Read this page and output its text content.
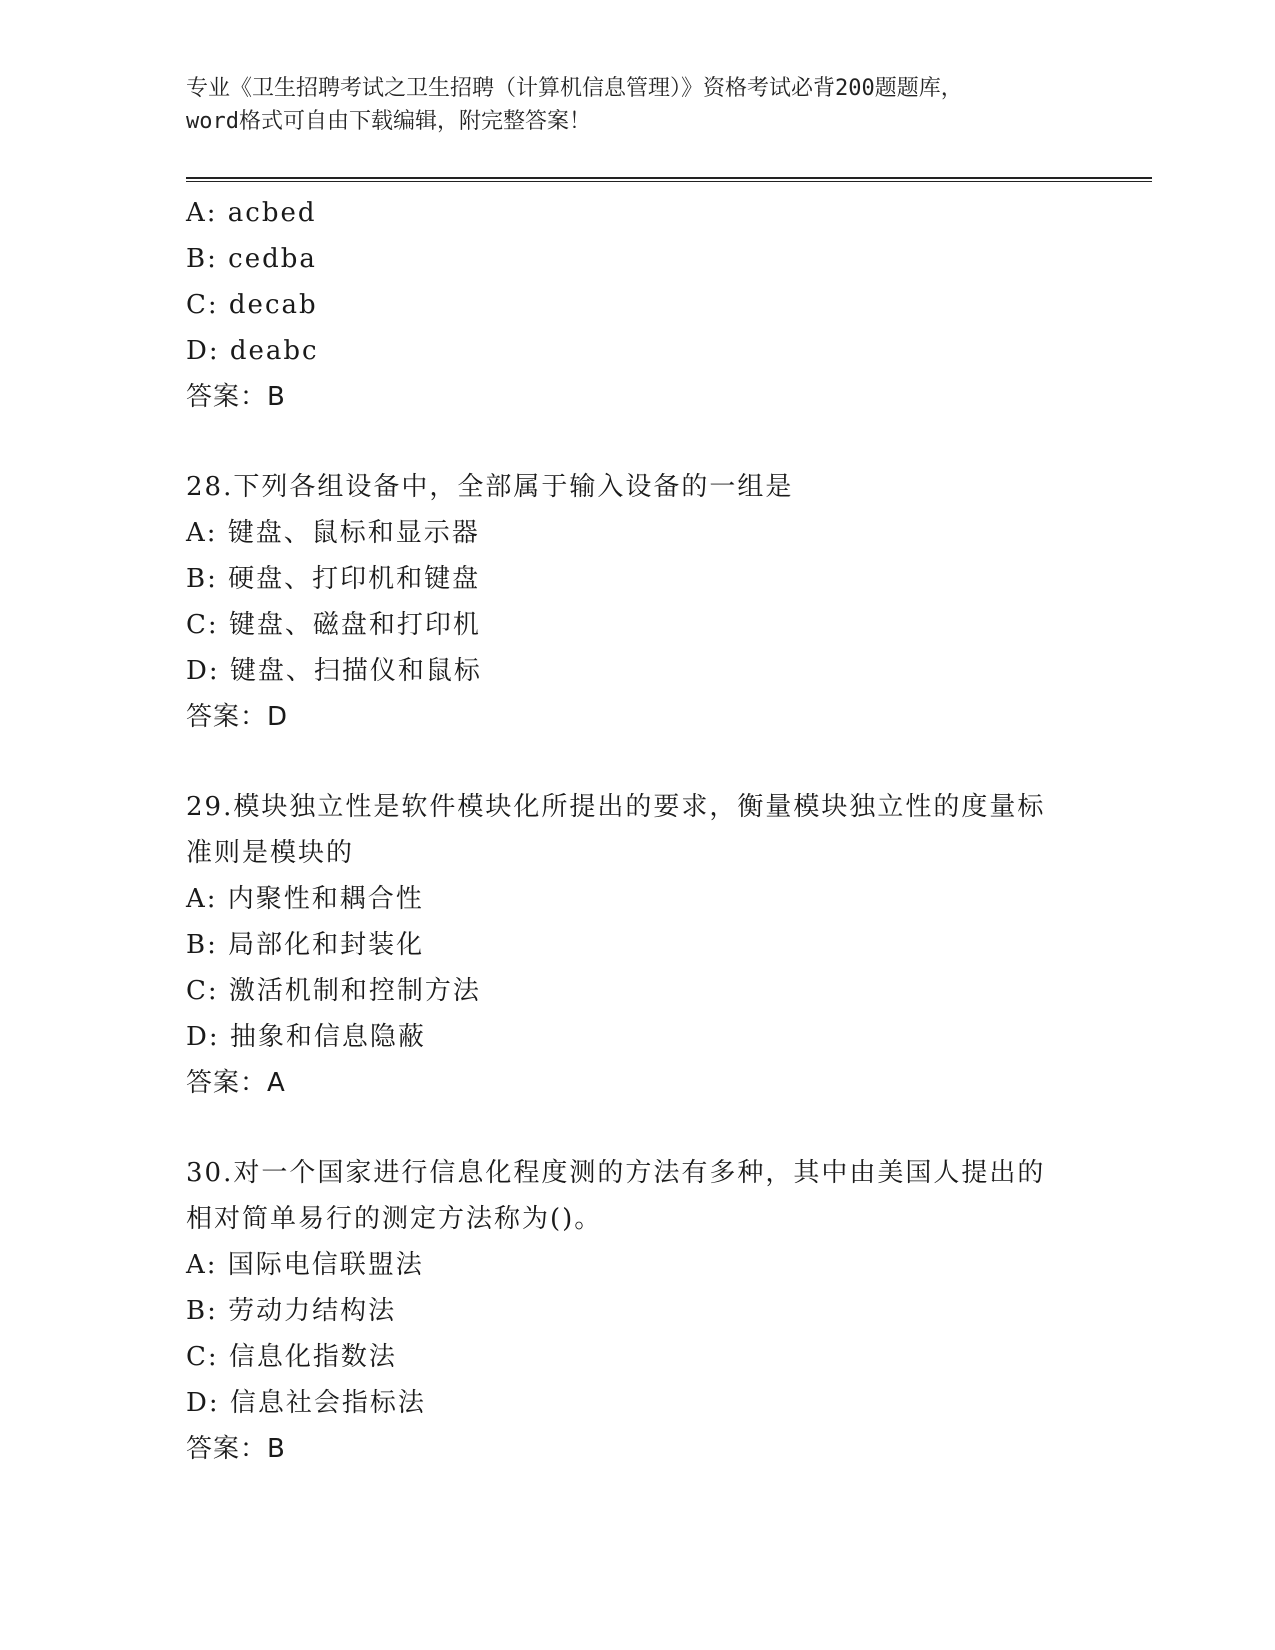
专业《卫生招聘考试之卫生招聘（计算机信息管理）》资格考试必背200题题库，
word格式可自由下载编辑，附完整答案！
A: acbed
B: cedba
C: decab
D: deabc
答案：B
28.下列各组设备中，全部属于输入设备的一组是
A: 键盘、鼠标和显示器
B: 硬盘、打印机和键盘
C: 键盘、磁盘和打印机
D: 键盘、扫描仪和鼠标
答案：D
29.模块独立性是软件模块化所提出的要求，衡量模块独立性的度量标准则是模块的
A: 内聚性和耦合性
B: 局部化和封装化
C: 激活机制和控制方法
D: 抽象和信息隐蔽
答案：A
30.对一个国家进行信息化程度测的方法有多种，其中由美国人提出的相对简单易行的测定方法称为()。
A: 国际电信联盟法
B: 劳动力结构法
C: 信息化指数法
D: 信息社会指标法
答案：B
